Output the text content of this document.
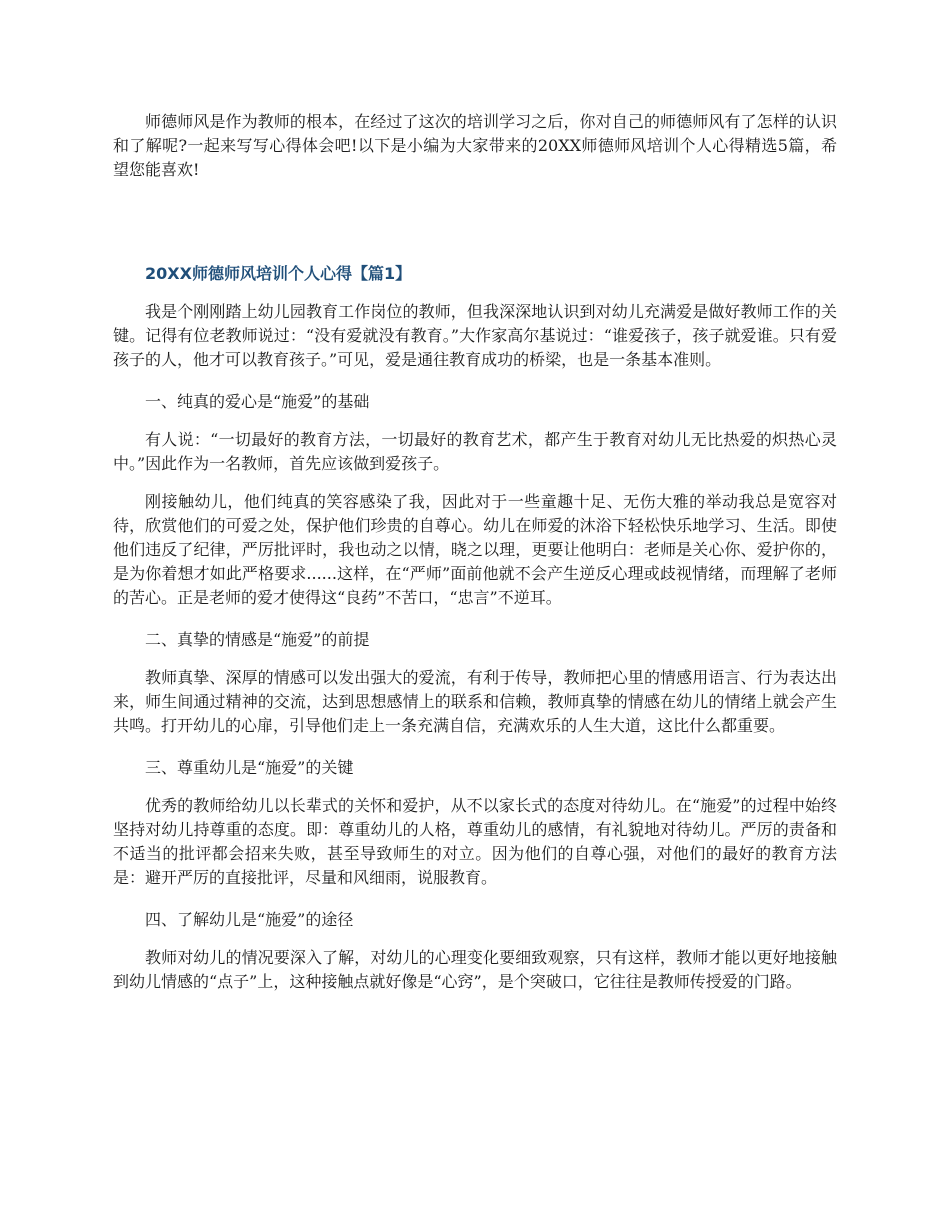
师德师风是作为教师的根本，在经过了这次的培训学习之后，你对自己的师德师风有了怎样的认识和了解呢?一起来写写心得体会吧!以下是小编为大家带来的20XX师德师风培训个人心得精选5篇，希望您能喜欢!

20XX师德师风培训个人心得【篇1】

我是个刚刚踏上幼儿园教育工作岗位的教师，但我深深地认识到对幼儿充满爱是做好教师工作的关键。记得有位老教师说过：“没有爱就没有教育。”大作家高尔基说过：“谁爱孩子，孩子就爱谁。只有爱孩子的人，他才可以教育孩子。”可见，爱是通往教育成功的桥梁，也是一条基本准则。

一、纯真的爱心是“施爱”的基础

有人说：“一切最好的教育方法，一切最好的教育艺术，都产生于教育对幼儿无比热爱的炽热心灵中。”因此作为一名教师，首先应该做到爱孩子。

刚接触幼儿，他们纯真的笑容感染了我，因此对于一些童趣十足、无伤大雅的举动我总是宽容对待，欣赏他们的可爱之处，保护他们珍贵的自尊心。幼儿在师爱的沐浴下轻松快乐地学习、生活。即使他们违反了纪律，严厉批评时，我也动之以情，晓之以理，更要让他明白：老师是关心你、爱护你的，是为你着想才如此严格要求......这样，在“严师”面前他就不会产生逆反心理或歧视情绪，而理解了老师的苦心。正是老师的爱才使得这“良药”不苦口，“忠言”不逆耳。

二、真挚的情感是“施爱”的前提

教师真挚、深厚的情感可以发出强大的爱流，有利于传导，教师把心里的情感用语言、行为表达出来，师生间通过精神的交流，达到思想感情上的联系和信赖，教师真挚的情感在幼儿的情绪上就会产生共鸣。打开幼儿的心扉，引导他们走上一条充满自信，充满欢乐的人生大道，这比什么都重要。

三、尊重幼儿是“施爱”的关键

优秀的教师给幼儿以长辈式的关怀和爱护，从不以家长式的态度对待幼儿。在“施爱”的过程中始终坚持对幼儿持尊重的态度。即：尊重幼儿的人格，尊重幼儿的感情，有礼貌地对待幼儿。严厉的责备和不适当的批评都会招来失败，甚至导致师生的对立。因为他们的自尊心强，对他们的最好的教育方法是：避开严厉的直接批评，尽量和风细雨，说服教育。

四、了解幼儿是“施爱”的途径

教师对幼儿的情况要深入了解，对幼儿的心理变化要细致观察，只有这样，教师才能以更好地接触到幼儿情感的“点子”上，这种接触点就好像是“心窍”，是个突破口，它往往是教师传授爱的门路。
